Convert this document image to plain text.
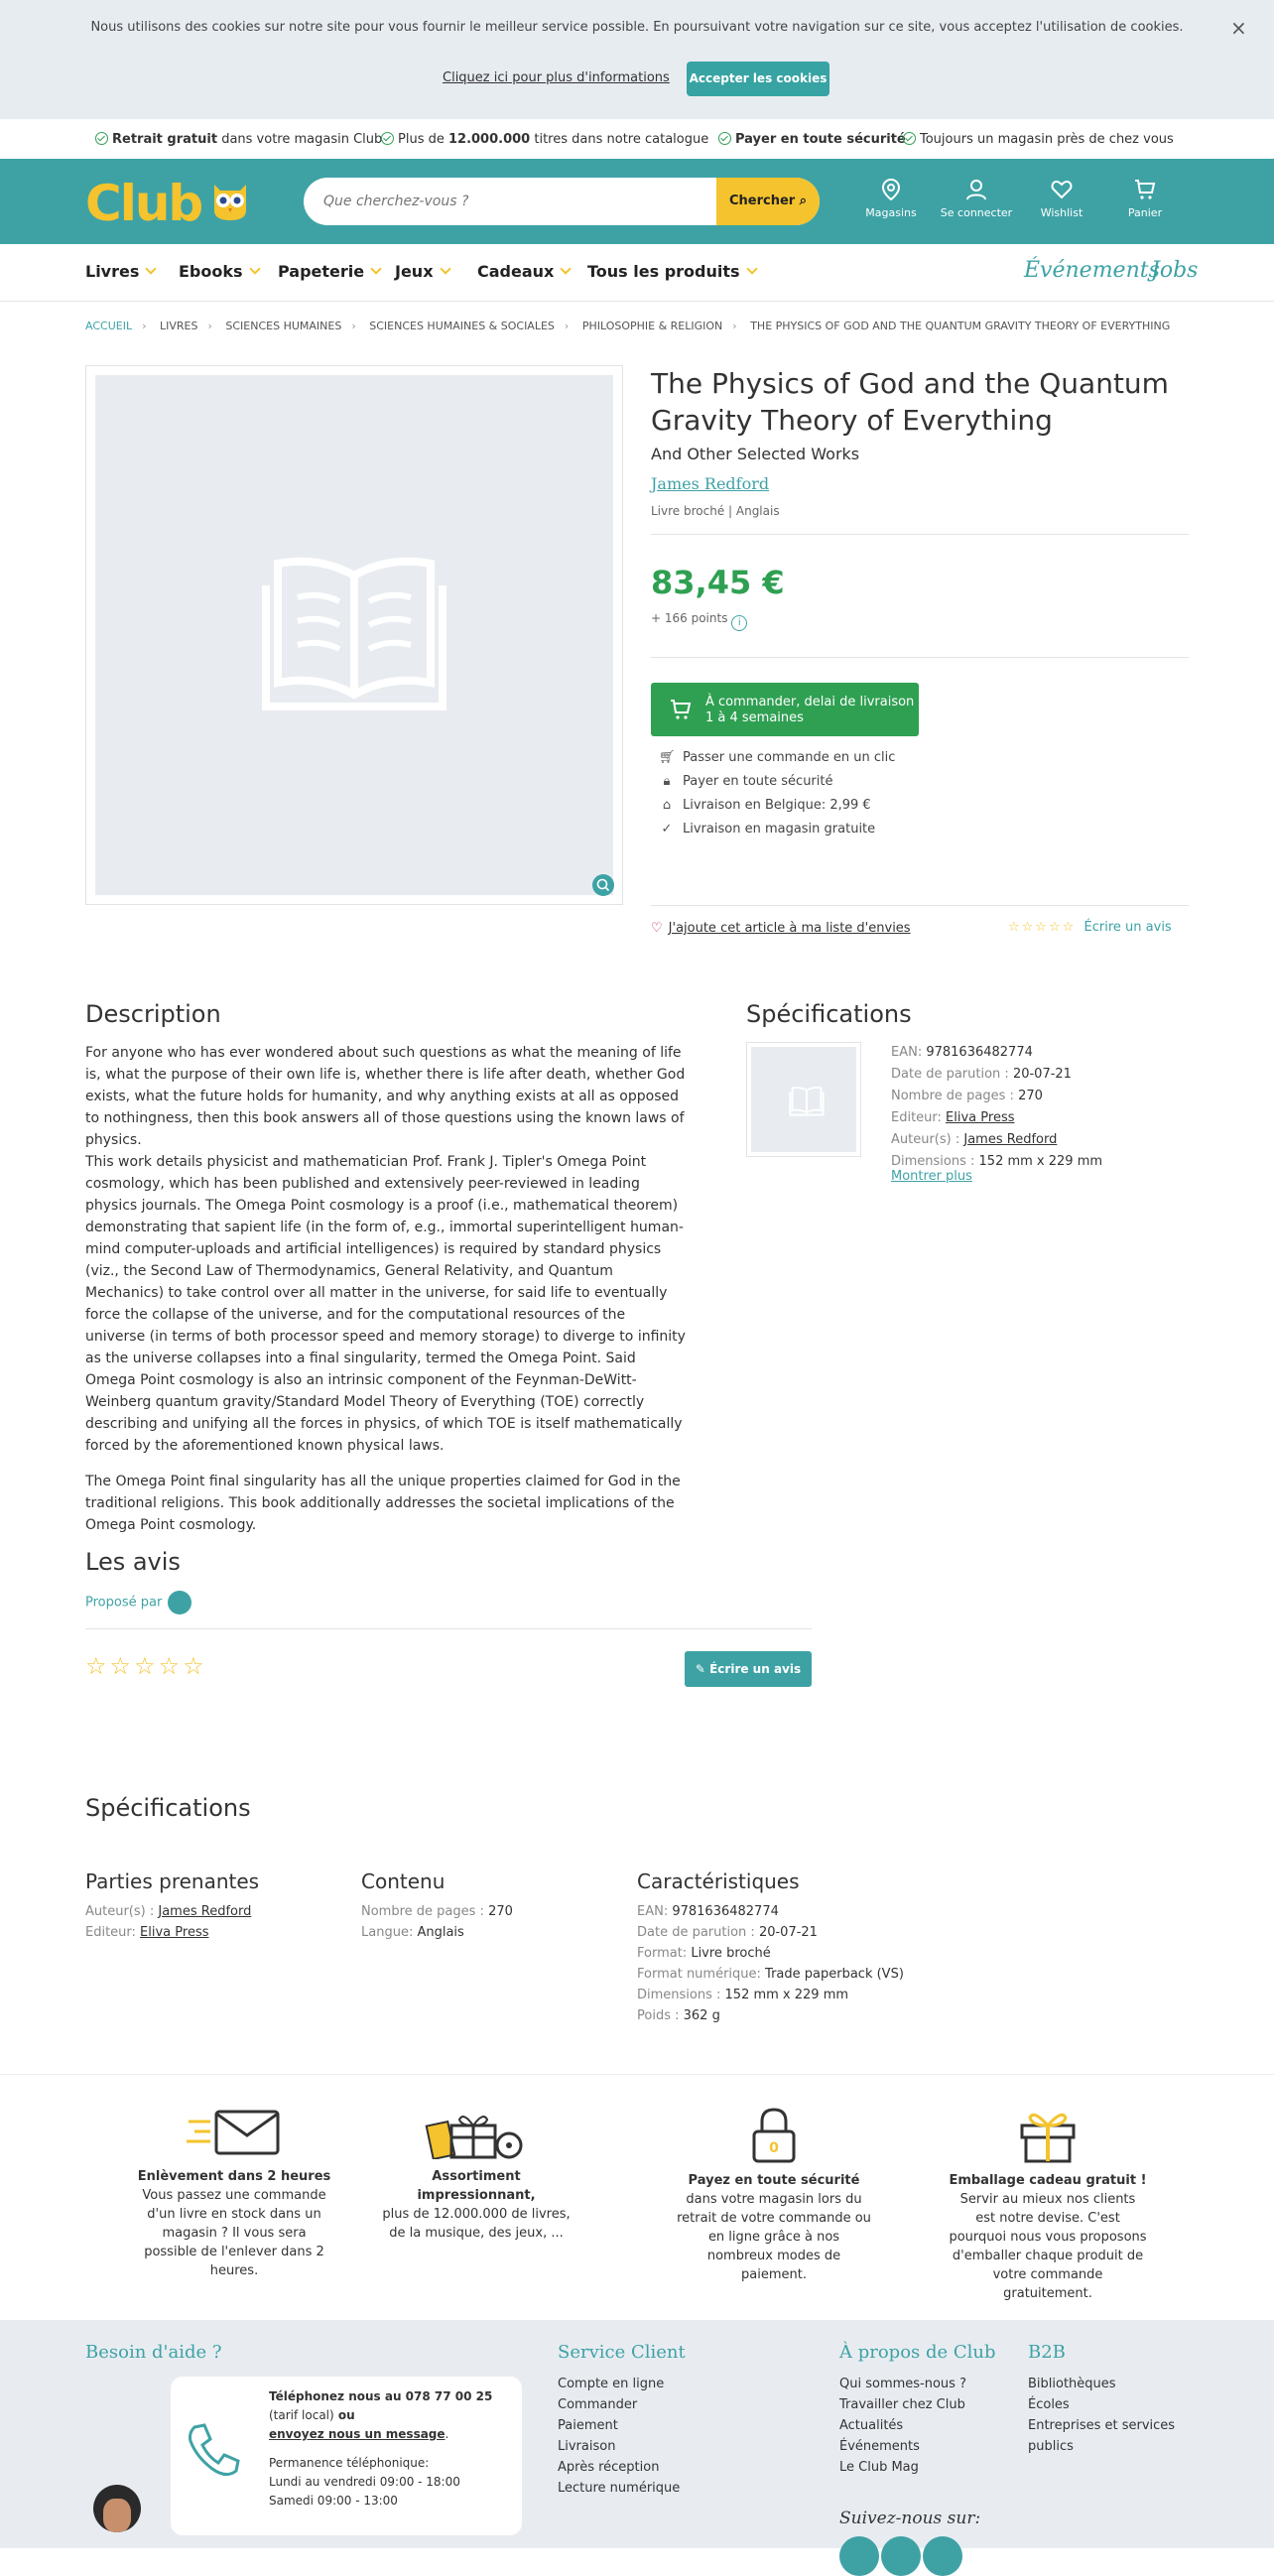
Nous utilisons des cookies sur notre site pour vous fournir le meilleur service possible. En poursuivant votre navigation sur ce site, vous acceptez l'utilisation de cookies.
Cliquez ici pour plus d'informations Accepter les cookies
×
Retrait gratuit dans votre magasin Club	Plus de 12.000.000 titres dans notre catalogue	Payer en toute sécurité	Toujours un magasin près de chez vous
Club
Que cherchez-vous ?	Chercher ⌕
Magasins	Se connecter	Wishlist	Panier
Livres	Ebooks	Papeterie	Jeux	Cadeaux	Tous les produits	Événements
Jobs
ACCUEIL › LIVRES › SCIENCES HUMAINES › SCIENCES HUMAINES & SOCIALES › PHILOSOPHIE & RELIGION › THE PHYSICS OF GOD AND THE QUANTUM GRAVITY THEORY OF EVERYTHING
The Physics of God and the Quantum Gravity Theory of Everything
And Other Selected Works
James Redford
Livre broché | Anglais
83,45 €
+ 166 points i
À commander, delai de livraison
1 à 4 semaines
🛒︎ Passer une commande en un clic
🔒︎ Payer en toute sécurité
⌂ Livraison en Belgique: 2,99 €
✓ Livraison en magasin gratuite
♡ J'ajoute cet article à ma liste d'envies	☆☆☆☆☆ Écrire un avis
Description

For anyone who has ever wondered about such questions as what the meaning of life is, what the purpose of their own life is, whether there is life after death, whether God exists, what the future holds for humanity, and why anything exists at all as opposed to nothingness, then this book answers all of those questions using the known laws of physics.

This work details physicist and mathematician Prof. Frank J. Tipler's Omega Point cosmology, which has been published and extensively peer-reviewed in leading physics journals. The Omega Point cosmology is a proof (i.e., mathematical theorem) demonstrating that sapient life (in the form of, e.g., immortal superintelligent human-mind computer-uploads and artificial intelligences) is required by standard physics (viz., the Second Law of Thermodynamics, General Relativity, and Quantum Mechanics) to take control over all matter in the universe, for said life to eventually force the collapse of the universe, and for the computational resources of the universe (in terms of both processor speed and memory storage) to diverge to infinity as the universe collapses into a final singularity, termed the Omega Point. Said Omega Point cosmology is also an intrinsic component of the Feynman-DeWitt-Weinberg quantum gravity/Standard Model Theory of Everything (TOE) correctly describing and unifying all the forces in physics, of which TOE is itself mathematically forced by the aforementioned known physical laws.

The Omega Point final singularity has all the unique properties claimed for God in the traditional religions. This book additionally addresses the societal implications of the Omega Point cosmology.

Spécifications
EAN: 9781636482774
Date de parution : 20-07-21
Nombre de pages : 270
Editeur: Eliva Press
Auteur(s) : James Redford
Dimensions : 152 mm x 229 mm
Montrer plus
Les avis
Proposé par
☆☆☆☆☆	✎ Écrire un avis
Spécifications
Parties prenantes
Auteur(s) : James Redford
Editeur: Eliva Press
Contenu
Nombre de pages : 270
Langue: Anglais
Caractéristiques
EAN: 9781636482774
Date de parution : 20-07-21
Format: Livre broché
Format numérique: Trade paperback (VS)
Dimensions : 152 mm x 229 mm
Poids : 362 g
Enlèvement dans 2 heures
Vous passez une commande d'un livre en stock dans un magasin ? Il vous sera possible de l'enlever dans 2 heures.
Assortiment impressionnant,
plus de 12.000.000 de livres, de la musique, des jeux, ...
0
Payez en toute sécurité
dans votre magasin lors du retrait de votre commande ou en ligne grâce à nos nombreux modes de paiement.
Emballage cadeau gratuit !
Servir au mieux nos clients est notre devise. C'est pourquoi nous vous proposons d'emballer chaque produit de votre commande gratuitement.
Besoin d'aide ?
Téléphonez nous au 078 77 00 25
(tarif local) ou
envoyez nous un message.
Permanence téléphonique:
Lundi au vendredi 09:00 - 18:00
Samedi 09:00 - 13:00
Service Client
Compte en ligne
Commander
Paiement
Livraison
Après réception
Lecture numérique
À propos de Club
Qui sommes-nous ?
Travailler chez Club
Actualités
Événements
Le Club Mag
B2B
Bibliothèques
Écoles
Entreprises et services publics
Suivez-nous sur:
